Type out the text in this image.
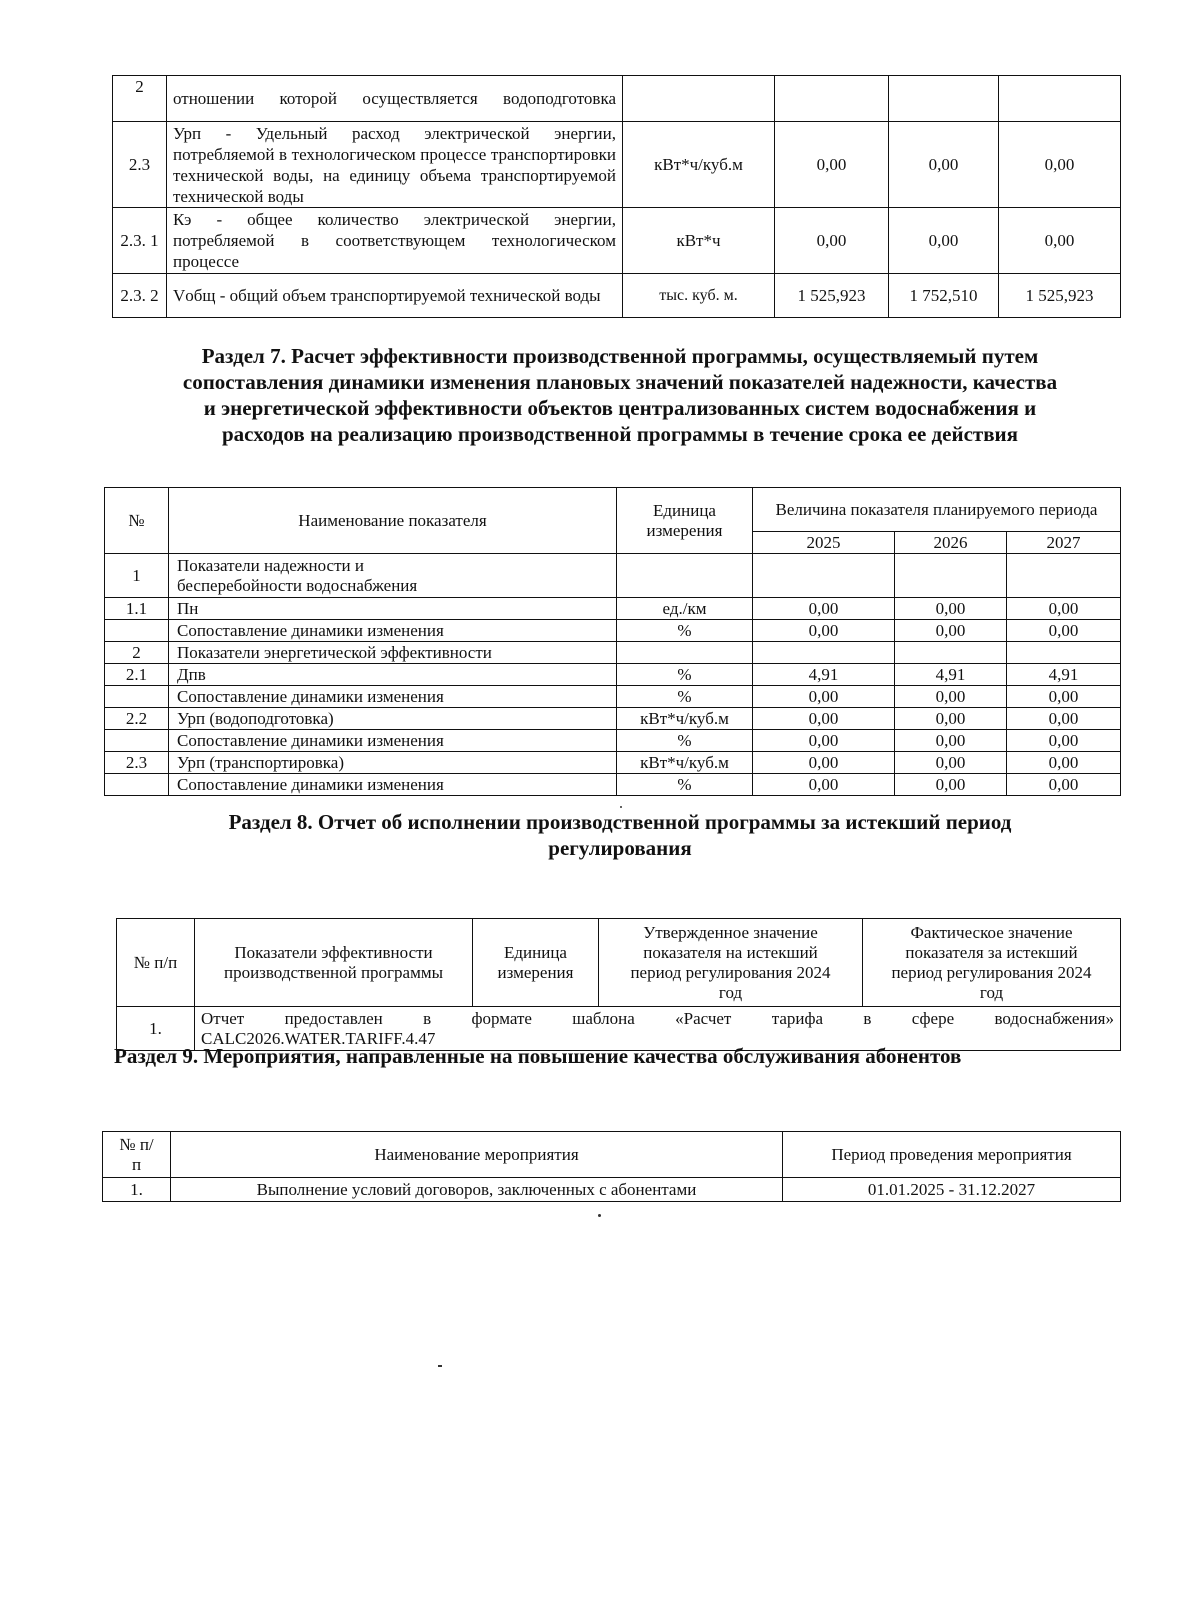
2	отношении которой осуществляется водоподготовка				
2.3	Урп - Удельный расход электрической энергии, потребляемой в технологическом процессе транспортировки технической воды, на единицу объема транспортируемой технической воды	кВт*ч/куб.м	0,00	0,00	0,00
2.3. 1	Кэ - общее количество электрической энергии, потребляемой в соответствующем технологическом процессе	кВт*ч	0,00	0,00	0,00
2.3. 2	Vобщ - общий объем транспортируемой технической воды	тыс. куб. м.	1 525,923	1 752,510	1 525,923
Раздел 7. Расчет эффективности производственной программы, осуществляемый путем
сопоставления динамики изменения плановых значений показателей надежности, качества
и энергетической эффективности объектов централизованных систем водоснабжения и
расходов на реализацию производственной программы в течение срока ее действия
№	Наименование показателя	Единица измерения	Величина показателя планируемого периода		
			2025	2026	2027
1	Показатели надежности и бесперебойности водоснабжения				
1.1	Пн	ед./км	0,00	0,00	0,00
	Сопоставление динамики изменения	%	0,00	0,00	0,00
2	Показатели энергетической эффективности				
2.1	Дпв	%	4,91	4,91	4,91
	Сопоставление динамики изменения	%	0,00	0,00	0,00
2.2	Урп (водоподготовка)	кВт*ч/куб.м	0,00	0,00	0,00
	Сопоставление динамики изменения	%	0,00	0,00	0,00
2.3	Урп (транспортировка)	кВт*ч/куб.м	0,00	0,00	0,00
	Сопоставление динамики изменения	%	0,00	0,00	0,00
Раздел 8. Отчет об исполнении производственной программы за истекший период
регулирования
№ п/п	Показатели эффективности производственной программы	Единица измерения	Утвержденное значение показателя на истекший период регулирования 2024 год	Фактическое значение показателя за истекший период регулирования 2024 год
1.	Отчет предоставлен в формате шаблона «Расчет тарифа в сфере водоснабжения»
CALC2026.WATER.TARIFF.4.47			
Раздел 9. Мероприятия, направленные на повышение качества обслуживания абонентов
№ п/п	Наименование мероприятия	Период проведения мероприятия
1.	Выполнение условий договоров, заключенных с абонентами	01.01.2025 - 31.12.2027
